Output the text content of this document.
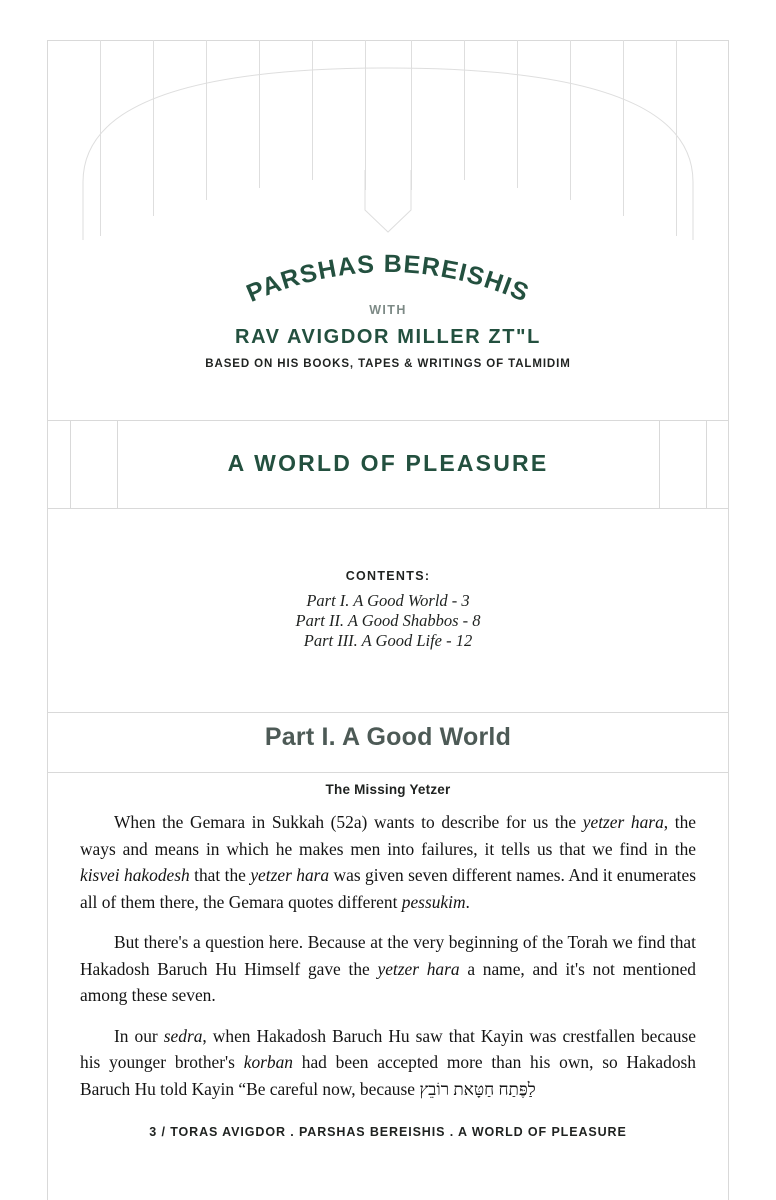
PARSHAS BEREISHIS
WITH
RAV AVIGDOR MILLER ZT"L
BASED ON HIS BOOKS, TAPES & WRITINGS OF TALMIDIM
A WORLD OF PLEASURE
CONTENTS:
Part I. A Good World - 3
Part II. A Good Shabbos - 8
Part III. A Good Life - 12
Part I. A Good World
The Missing Yetzer

When the Gemara in Sukkah (52a) wants to describe for us the yetzer hara, the ways and means in which he makes men into failures, it tells us that we find in the kisvei hakodesh that the yetzer hara was given seven different names. And it enumerates all of them there, the Gemara quotes different pessukim.

But there's a question here. Because at the very beginning of the Torah we find that Hakadosh Baruch Hu Himself gave the yetzer hara a name, and it's not mentioned among these seven.

In our sedra, when Hakadosh Baruch Hu saw that Kayin was crestfallen because his younger brother's korban had been accepted more than his own, so Hakadosh Baruch Hu told Kayin “Be careful now, because לַפֶּתַח חַטָּאת רוֹבֵץ

3 / TORAS AVIGDOR . PARSHAS BEREISHIS . A WORLD OF PLEASURE
